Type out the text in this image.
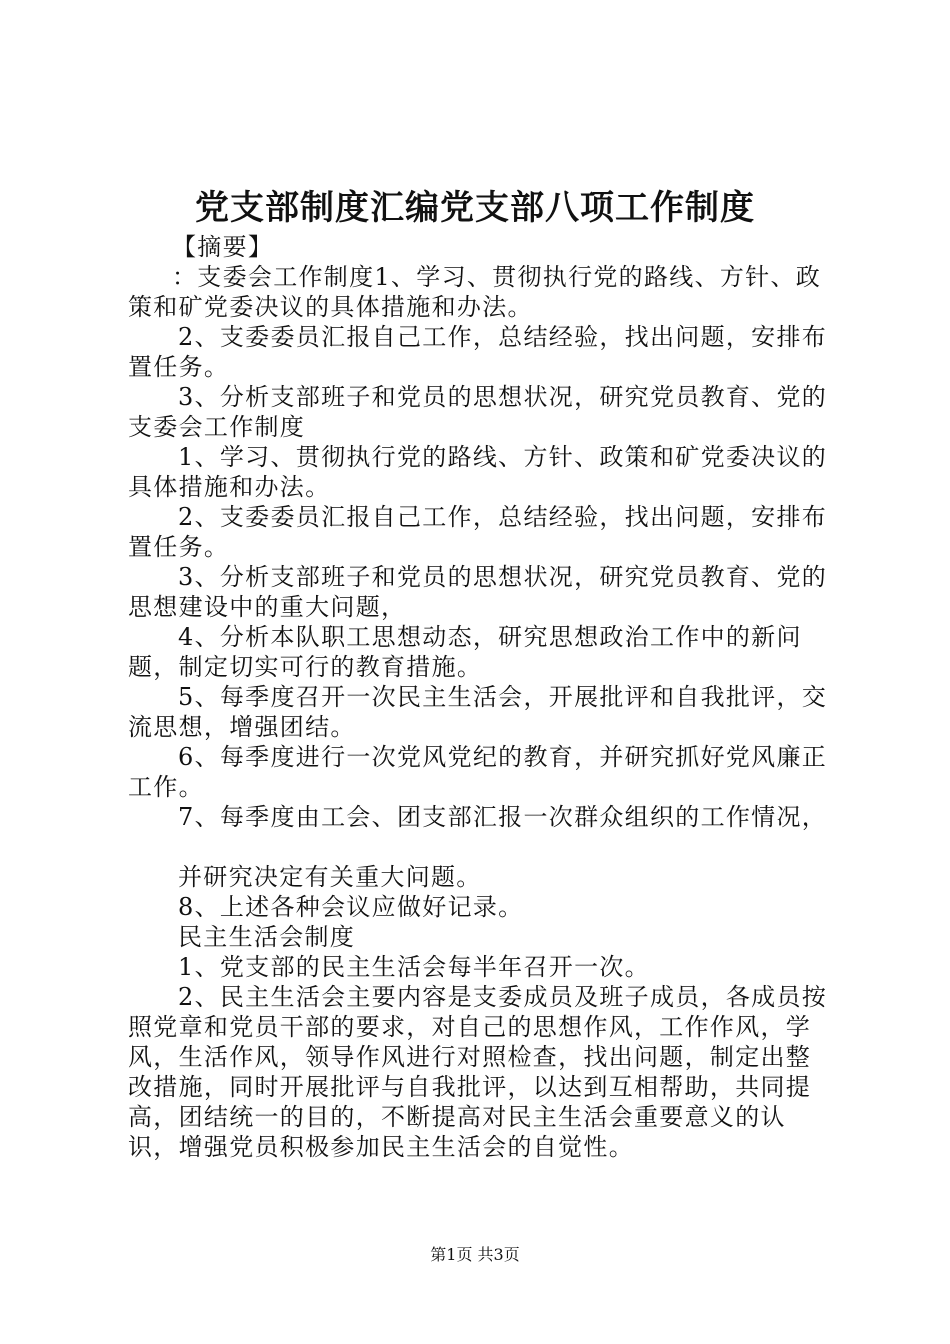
党支部制度汇编党支部八项工作制度

【摘要】

：支委会工作制度1、学习、贯彻执行党的路线、方针、政策和矿党委决议的具体措施和办法。

2、支委委员汇报自己工作，总结经验，找出问题，安排布置任务。

3、分析支部班子和党员的思想状况，研究党员教育、党的支委会工作制度

1、学习、贯彻执行党的路线、方针、政策和矿党委决议的具体措施和办法。

2、支委委员汇报自己工作，总结经验，找出问题，安排布置任务。

3、分析支部班子和党员的思想状况，研究党员教育、党的思想建设中的重大问题，

4、分析本队职工思想动态，研究思想政治工作中的新问题，制定切实可行的教育措施。

5、每季度召开一次民主生活会，开展批评和自我批评，交流思想，增强团结。

6、每季度进行一次党风党纪的教育，并研究抓好党风廉正工作。

7、每季度由工会、团支部汇报一次群众组织的工作情况，

并研究决定有关重大问题。

8、上述各种会议应做好记录。

民主生活会制度

1、党支部的民主生活会每半年召开一次。

2、民主生活会主要内容是支委成员及班子成员，各成员按照党章和党员干部的要求，对自己的思想作风，工作作风，学风，生活作风，领导作风进行对照检查，找出问题，制定出整改措施，同时开展批评与自我批评，以达到互相帮助，共同提高，团结统一的目的，不断提高对民主生活会重要意义的认识，增强党员积极参加民主生活会的自觉性。

第1页 共3页
